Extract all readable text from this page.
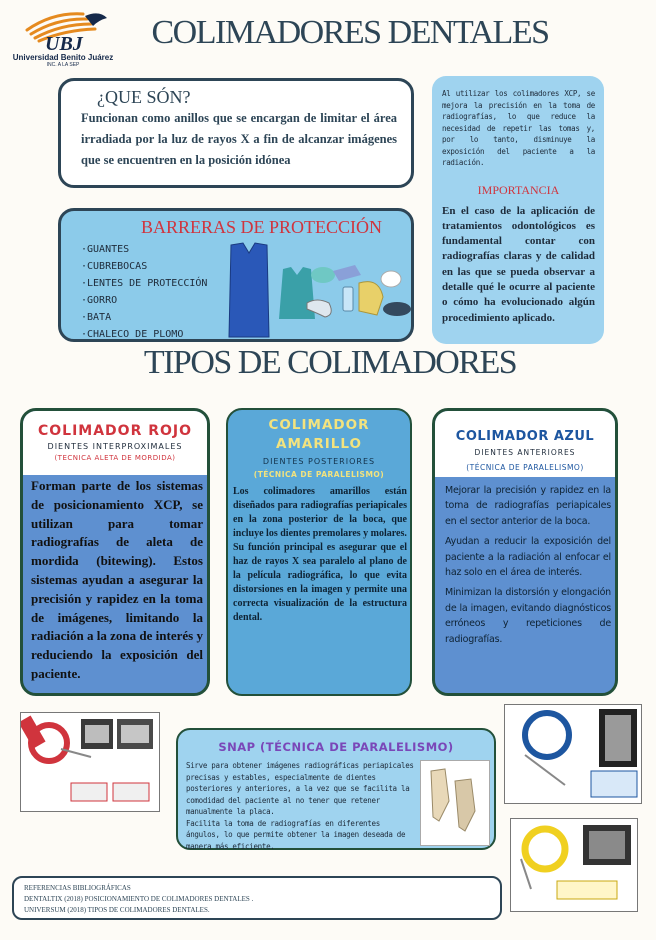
UBJ
Universidad Benito Juárez
INC. A LA SEP
COLIMADORES DENTALES
¿QUE SÓN?
Funcionan como anillos que se encargan de limitar el área irradiada por la luz de rayos X a fin de alcanzar imágenes que se encuentren en la posición idónea
Al utilizar los colimadores XCP, se mejora la precisión en la toma de radiografías, lo que reduce la necesidad de repetir las tomas y, por lo tanto, disminuye la exposición del paciente a la radiación.
IMPORTANCIA
En el caso de la aplicación de tratamientos odontológicos es fundamental contar con radiografías claras y de calidad en las que se pueda observar a detalle qué le ocurre al paciente o cómo ha evolucionado algún procedimiento aplicado.
BARRERAS DE PROTECCIÓN
·GUANTES
·CUBREBOCAS
·LENTES DE PROTECCIÓN
·GORRO
·BATA
·CHALECO DE PLOMO
TIPOS DE COLIMADORES
COLIMADOR ROJO
DIENTES INTERPROXIMALES
(TECNICA ALETA DE MORDIDA)
Forman parte de los sistemas de posicionamiento XCP, se utilizan para tomar radiografías de aleta de mordida (bitewing). Estos sistemas ayudan a asegurar la precisión y rapidez en la toma de imágenes, limitando la radiación a la zona de interés y reduciendo la exposición del paciente.
COLIMADOR
AMARILLO
DIENTES POSTERIORES
(TÉCNICA DE PARALELISMO)
Los colimadores amarillos están diseñados para radiografías periapicales en la zona posterior de la boca, que incluye los dientes premolares y molares.
Su función principal es asegurar que el haz de rayos X sea paralelo al plano de la película radiográfica, lo que evita distorsiones en la imagen y permite una correcta visualización de la estructura dental.
COLIMADOR AZUL
DIENTES ANTERIORES
(TÉCNICA DE PARALELISMO)

Mejorar la precisión y rapidez en la toma de radiografías periapicales en el sector anterior de la boca.

Ayudan a reducir la exposición del paciente a la radiación al enfocar el haz solo en el área de interés.

Minimizan la distorsión y elongación de la imagen, evitando diagnósticos erróneos y repeticiones de radiografías.

SNAP (TÉCNICA DE PARALELISMO)

Sirve para obtener imágenes radiográficas periapicales precisas y estables, especialmente de dientes posteriores y anteriores, a la vez que se facilita la comodidad del paciente al no tener que retener manualmente la placa.

Facilita la toma de radiografías en diferentes ángulos, lo que permite obtener la imagen deseada de manera más eficiente.

REFERENCIAS BIBLIOGRÁFICAS
DENTALTIX (2018) POSICIONAMIENTO DE COLIMADORES DENTALES .
UNIVERSUM (2018) TIPOS DE COLIMADORES DENTALES.
